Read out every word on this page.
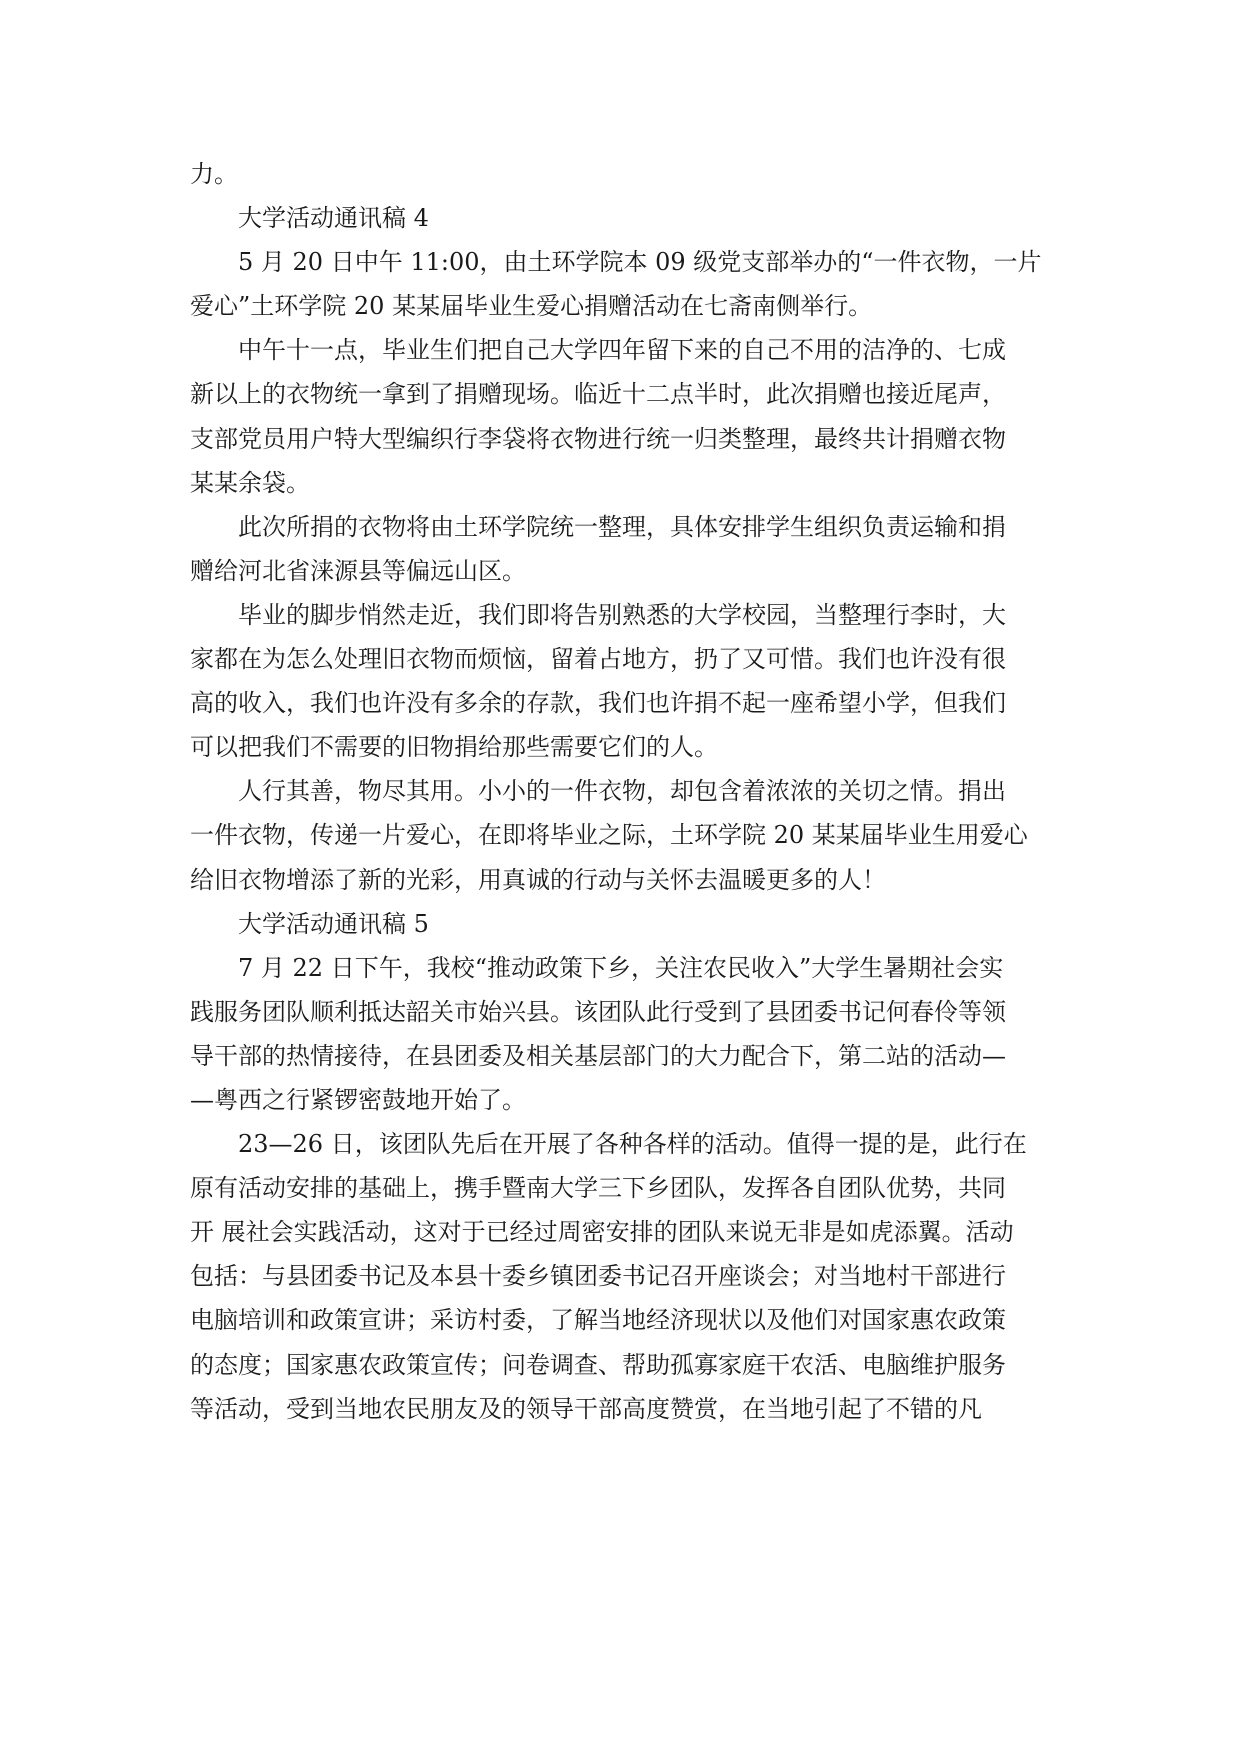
力。
大学活动通讯稿 4
5 月 20 日中午 11:00，由土环学院本 09 级党支部举办的“一件衣物，一片
爱心”土环学院 20 某某届毕业生爱心捐赠活动在七斋南侧举行。
中午十一点，毕业生们把自己大学四年留下来的自己不用的洁净的、七成
新以上的衣物统一拿到了捐赠现场。临近十二点半时，此次捐赠也接近尾声，
支部党员用户特大型编织行李袋将衣物进行统一归类整理，最终共计捐赠衣物
某某余袋。
此次所捐的衣物将由土环学院统一整理，具体安排学生组织负责运输和捐
赠给河北省涞源县等偏远山区。
毕业的脚步悄然走近，我们即将告别熟悉的大学校园，当整理行李时，大
家都在为怎么处理旧衣物而烦恼，留着占地方，扔了又可惜。我们也许没有很
高的收入，我们也许没有多余的存款，我们也许捐不起一座希望小学，但我们
可以把我们不需要的旧物捐给那些需要它们的人。
人行其善，物尽其用。小小的一件衣物，却包含着浓浓的关切之情。捐出
一件衣物，传递一片爱心，在即将毕业之际，土环学院 20 某某届毕业生用爱心
给旧衣物增添了新的光彩，用真诚的行动与关怀去温暖更多的人！
大学活动通讯稿 5
7 月 22 日下午，我校“推动政策下乡，关注农民收入”大学生暑期社会实
践服务团队顺利抵达韶关市始兴县。该团队此行受到了县团委书记何春伶等领
导干部的热情接待，在县团委及相关基层部门的大力配合下，第二站的活动—
—粤西之行紧锣密鼓地开始了。
23—26 日，该团队先后在开展了各种各样的活动。值得一提的是，此行在
原有活动安排的基础上，携手暨南大学三下乡团队，发挥各自团队优势，共同
开 展社会实践活动，这对于已经过周密安排的团队来说无非是如虎添翼。活动
包括：与县团委书记及本县十委乡镇团委书记召开座谈会；对当地村干部进行
电脑培训和政策宣讲；采访村委，了解当地经济现状以及他们对国家惠农政策
的态度；国家惠农政策宣传；问卷调查、帮助孤寡家庭干农活、电脑维护服务
等活动，受到当地农民朋友及的领导干部高度赞赏，在当地引起了不错的凡
